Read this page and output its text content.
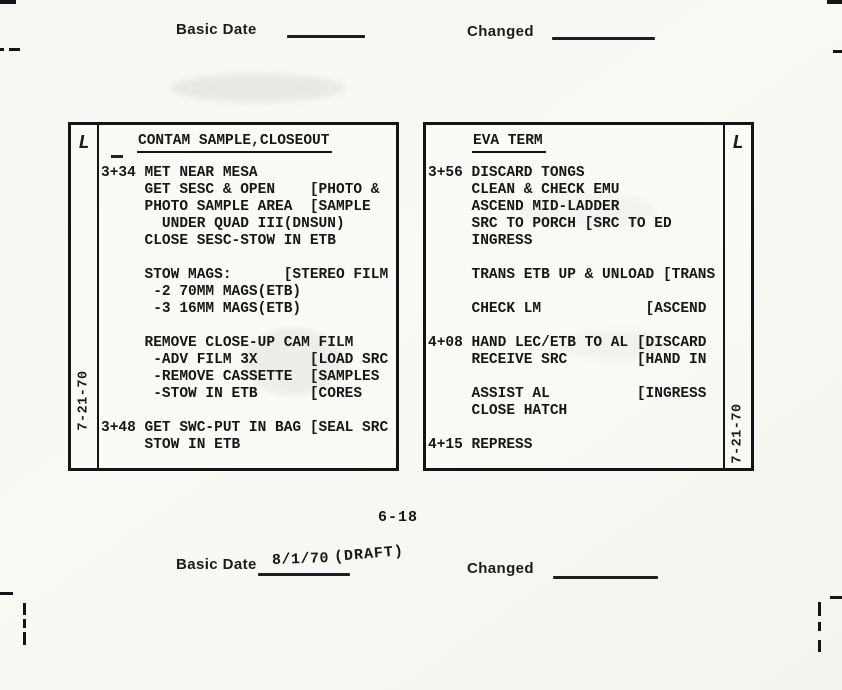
Basic Date	Changed
L
7-21-70
CONTAM SAMPLE,CLOSEOUT
3+34 MET NEAR MESA
GET SESC & OPEN    [PHOTO &
PHOTO SAMPLE AREA  [SAMPLE
UNDER QUAD III(DNSUN)
CLOSE SESC-STOW IN ETB
STOW MAGS:      [STEREO FILM
-2 70MM MAGS(ETB)
-3 16MM MAGS(ETB)
REMOVE CLOSE-UP CAM FILM
-ADV FILM 3X      [LOAD SRC
-REMOVE CASSETTE  [SAMPLES
-STOW IN ETB      [CORES
3+48 GET SWC-PUT IN BAG [SEAL SRC
STOW IN ETB
L
7-21-70
EVA TERM
3+56 DISCARD TONGS
CLEAN & CHECK EMU
ASCEND MID-LADDER
SRC TO PORCH [SRC TO ED
INGRESS
TRANS ETB UP & UNLOAD [TRANS
CHECK LM            [ASCEND
4+08 HAND LEC/ETB TO AL [DISCARD
RECEIVE SRC        [HAND IN
ASSIST AL          [INGRESS
CLOSE HATCH
4+15 REPRESS
6-18
Basic Date 8/1/70 (DRAFT)
Changed
